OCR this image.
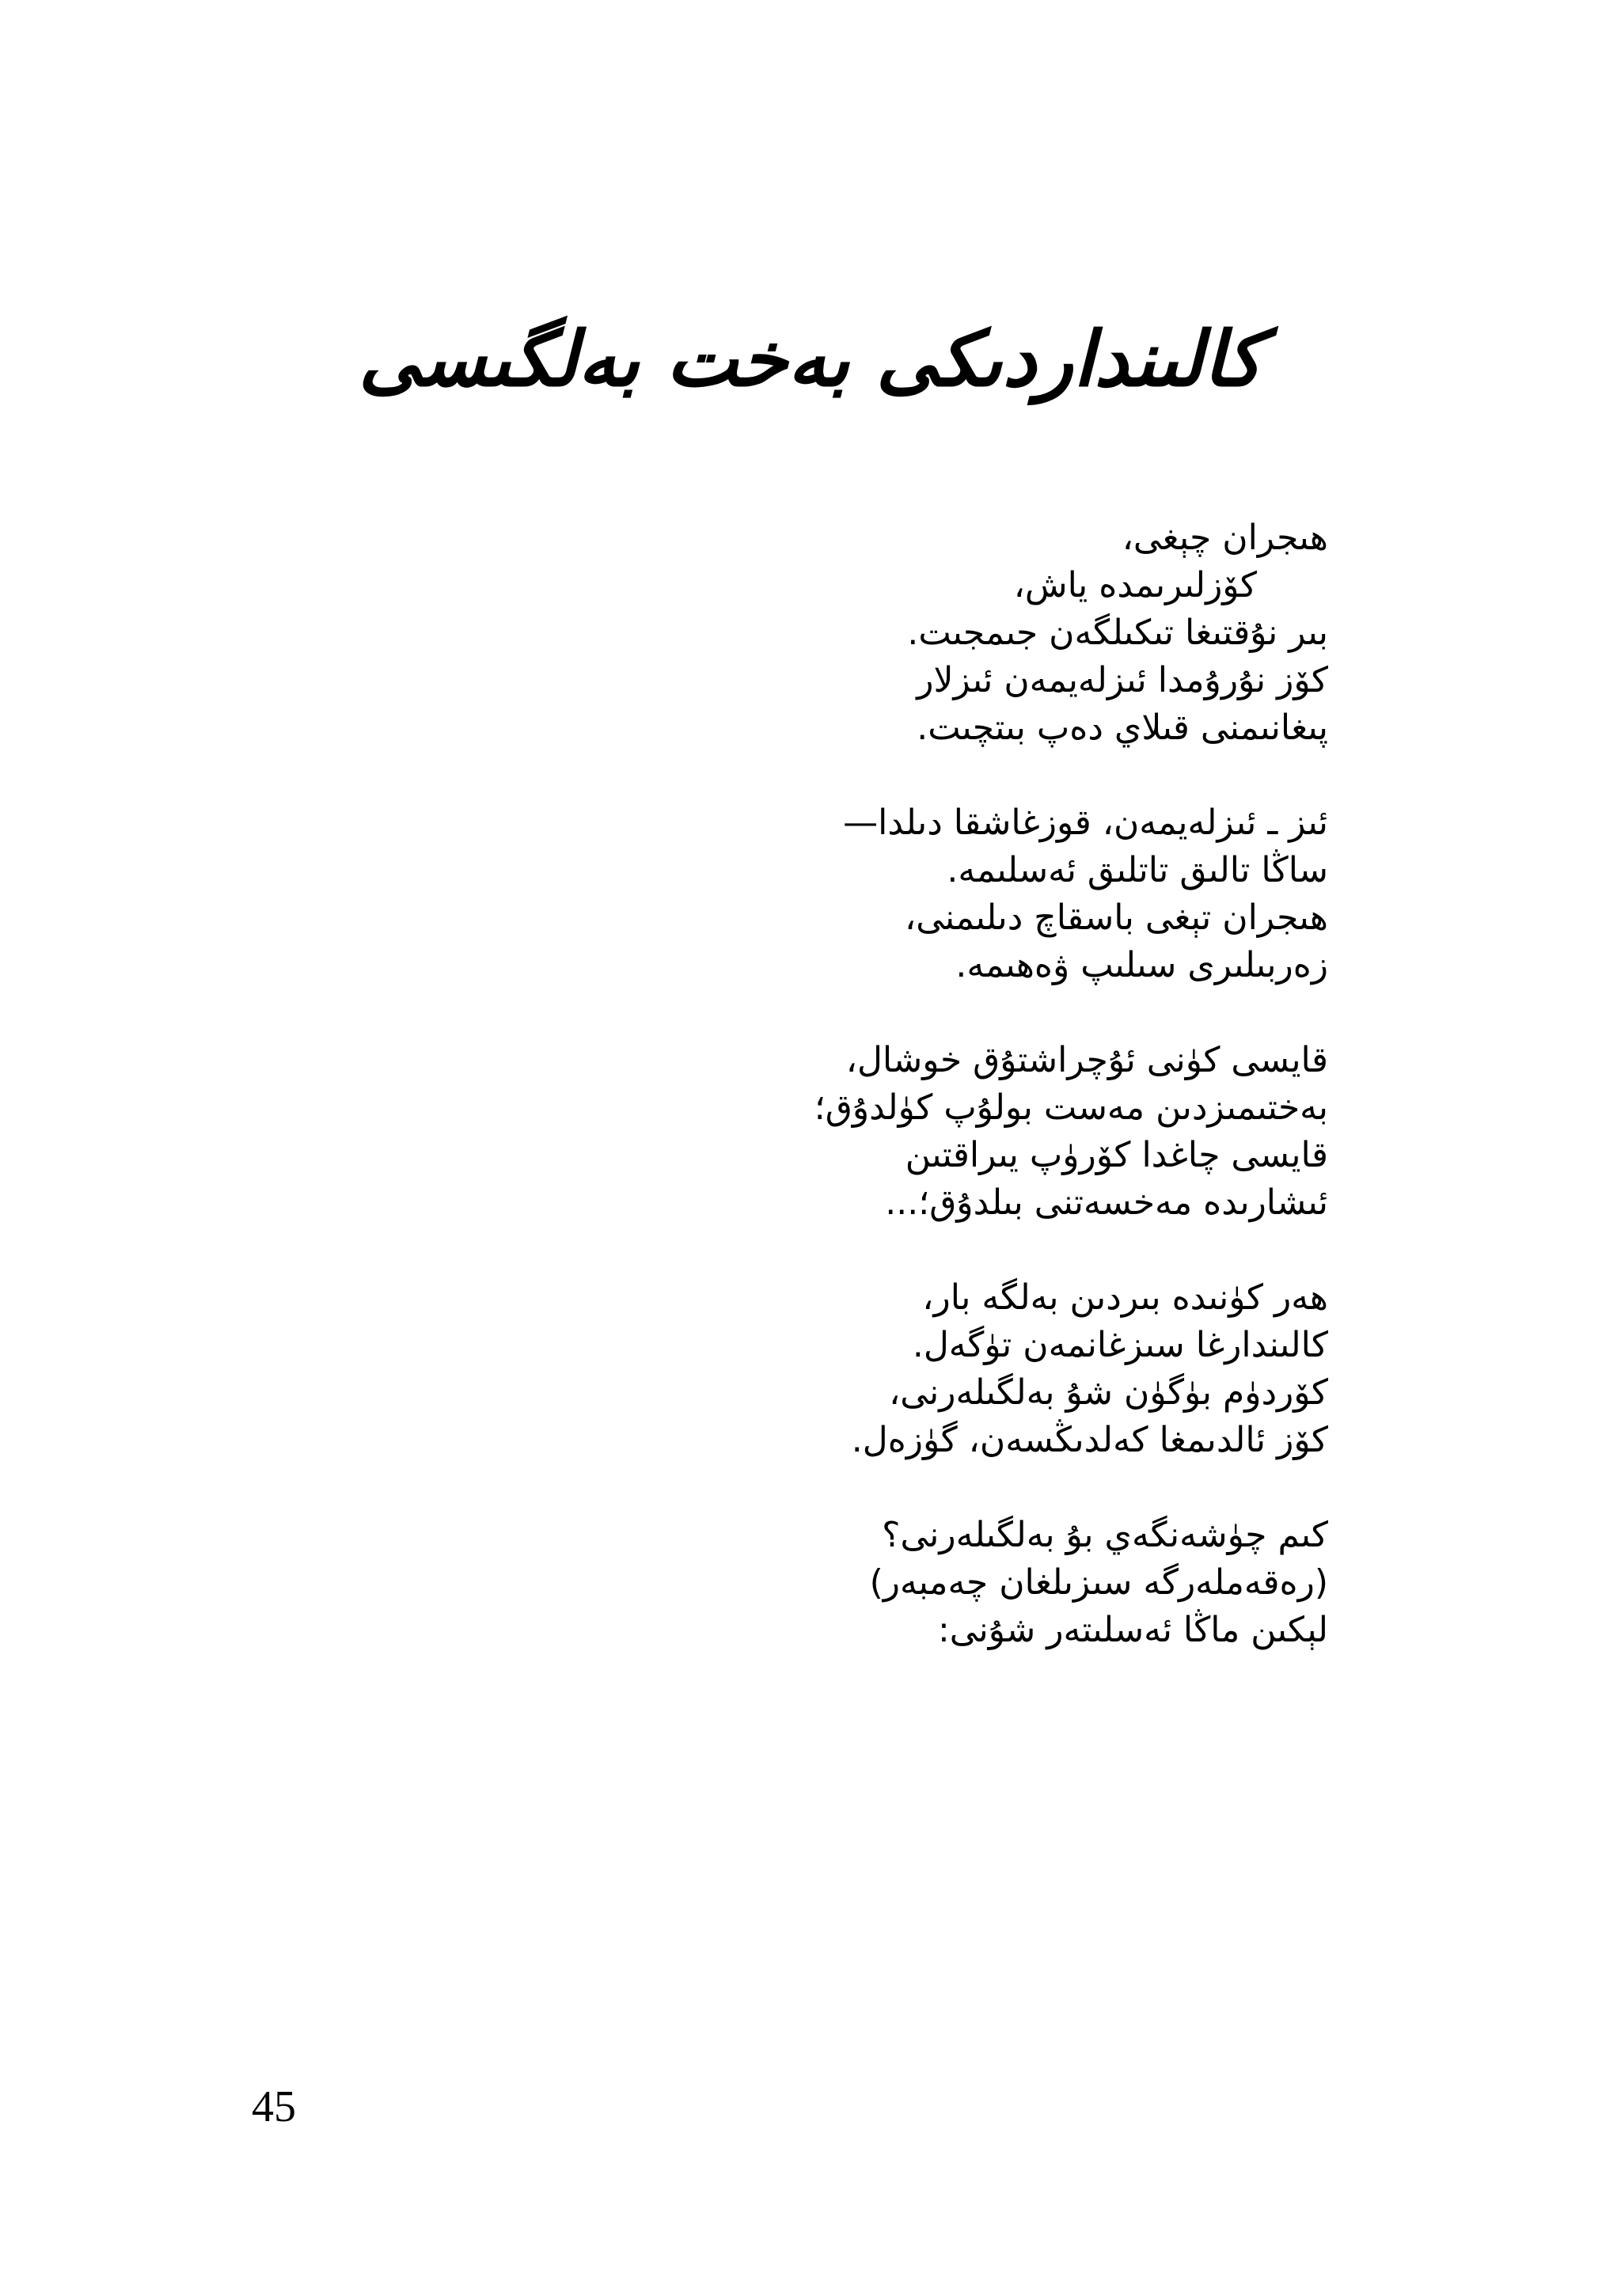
كالىنداردىكى بەخت بەلگىسى
ھىجران چېغى،
كۆزلىرىمدە ياش،
بىر نۇقتىغا تىكىلگەن جىمجىت.
كۆز نۇرۇمدا ئىزلەيمەن ئىزلار
پىغانىمنى قىلاي دەپ بىتچىت.
ئىز ـ ئىزلەيمەن، قوزغاشقا دىلدا—
ساڭا تالىق تاتلىق ئەسلىمە.
ھىجران تېغى باسقاچ دىلىمنى،
زەربىلىرى سىلىپ ۋەھىمە.
قايسى كۈنى ئۇچراشتۇق خوشال،
بەختىمىزدىن مەست بولۇپ كۈلدۇق؛
قايسى چاغدا كۆرۈپ يىراقتىن
ئىشارىدە مەخسەتنى بىلدۇق؛...
ھەر كۈنىدە بىردىن بەلگە بار،
كالىندارغا سىزغانمەن تۈگەل.
كۆردۈم بۈگۈن شۇ بەلگىلەرنى،
كۆز ئالدىمغا كەلدىڭسەن، گۈزەل.
كىم چۈشەنگەي بۇ بەلگىلەرنى؟
(رەقەملەرگە سىزىلغان چەمبەر)
لېكىن ماڭا ئەسلىتەر شۇنى:
45
